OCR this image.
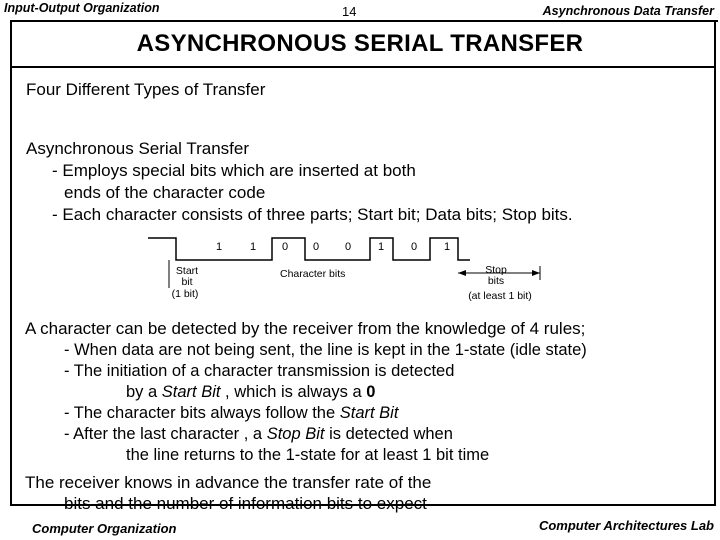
Input-Output Organization	14	Asynchronous Data Transfer
ASYNCHRONOUS SERIAL TRANSFER
Four Different Types of Transfer
Asynchronous Serial Transfer
- Employs special bits which are inserted at both
ends of the character code
- Each character consists of three parts; Start bit; Data bits; Stop bits.
1	1 0 0 0 1 0 1
Start
bit
(1 bit)
Character bits	Stop
bits
(at least 1 bit)
A character can be detected by the receiver from the knowledge of 4 rules;
- When data are not being sent, the line is kept in the 1-state (idle state)
- The initiation of a character transmission is detected
by a Start Bit , which is always a 0
- The character bits always follow the Start Bit
- After the last character , a Stop Bit is detected when
the line returns to the 1-state for at least 1 bit time
The receiver knows in advance the transfer rate of the
bits and the number of information bits to expect
Computer Organization	Computer Architectures Lab
